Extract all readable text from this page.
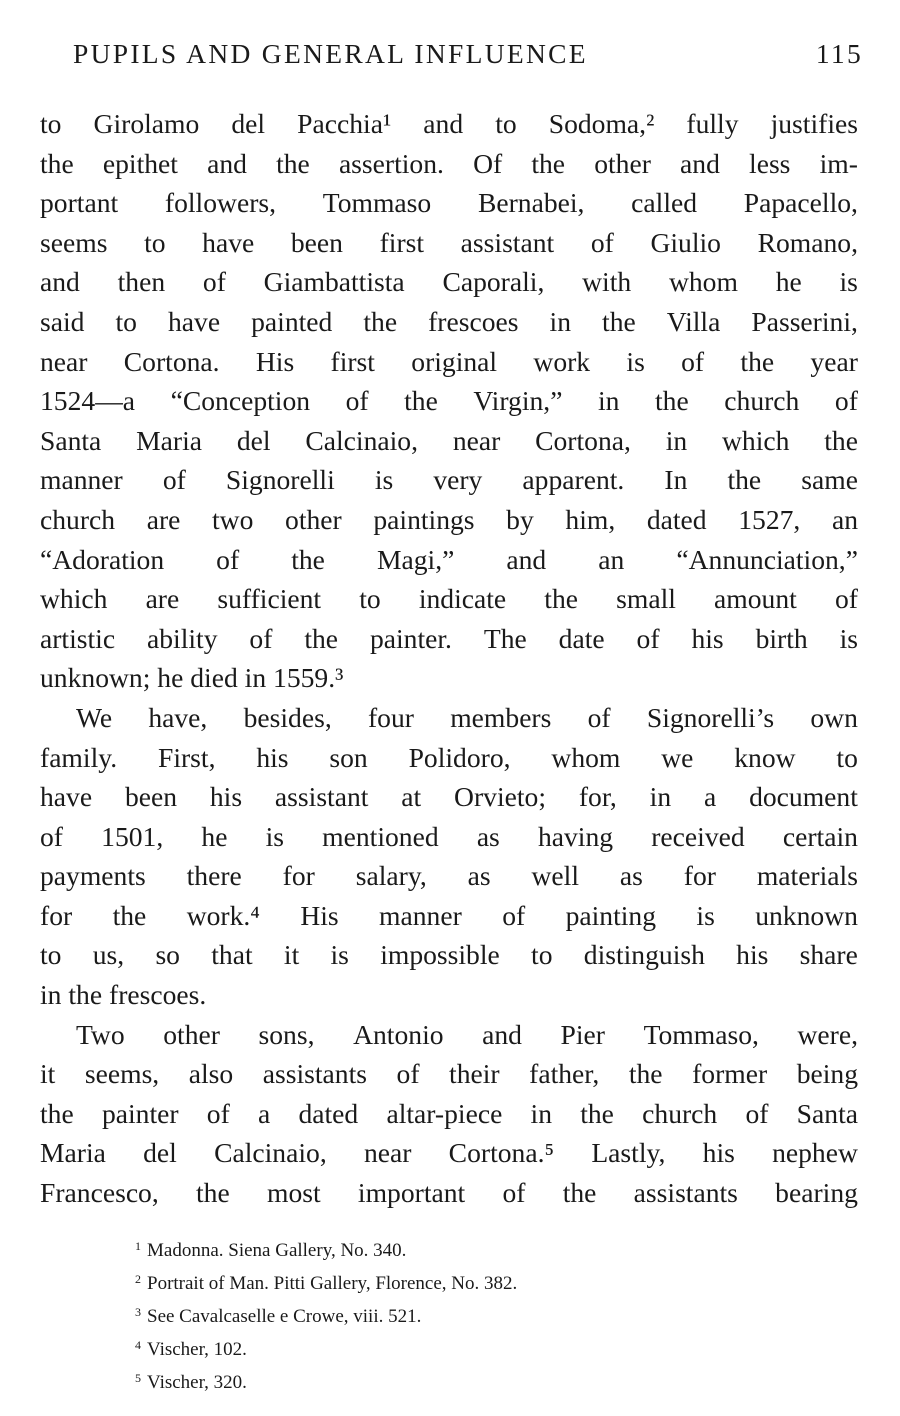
PUPILS AND GENERAL INFLUENCE	115
to Girolamo del Pacchia¹ and to Sodoma,² fully justifies
the epithet and the assertion. Of the other and less im-
portant followers, Tommaso Bernabei, called Papacello,
seems to have been first assistant of Giulio Romano,
and then of Giambattista Caporali, with whom he is
said to have painted the frescoes in the Villa Passerini,
near Cortona. His first original work is of the year
1524—a “Conception of the Virgin,” in the church of
Santa Maria del Calcinaio, near Cortona, in which the
manner of Signorelli is very apparent. In the same
church are two other paintings by him, dated 1527, an
“Adoration of the Magi,” and an “Annunciation,”
which are sufficient to indicate the small amount of
artistic ability of the painter. The date of his birth is
unknown; he died in 1559.³
We have, besides, four members of Signorelli’s own
family. First, his son Polidoro, whom we know to
have been his assistant at Orvieto; for, in a document
of 1501, he is mentioned as having received certain
payments there for salary, as well as for materials
for the work.⁴ His manner of painting is unknown
to us, so that it is impossible to distinguish his share
in the frescoes.
Two other sons, Antonio and Pier Tommaso, were,
it seems, also assistants of their father, the former being
the painter of a dated altar-piece in the church of Santa
Maria del Calcinaio, near Cortona.⁵ Lastly, his nephew
Francesco, the most important of the assistants bearing
$^1$ Madonna. Siena Gallery, No. 340.
$^2$ Portrait of Man. Pitti Gallery, Florence, No. 382.
$^3$ See Cavalcaselle e Crowe, viii. 521.
$^4$ Vischer, 102.
$^5$ Vischer, 320.
